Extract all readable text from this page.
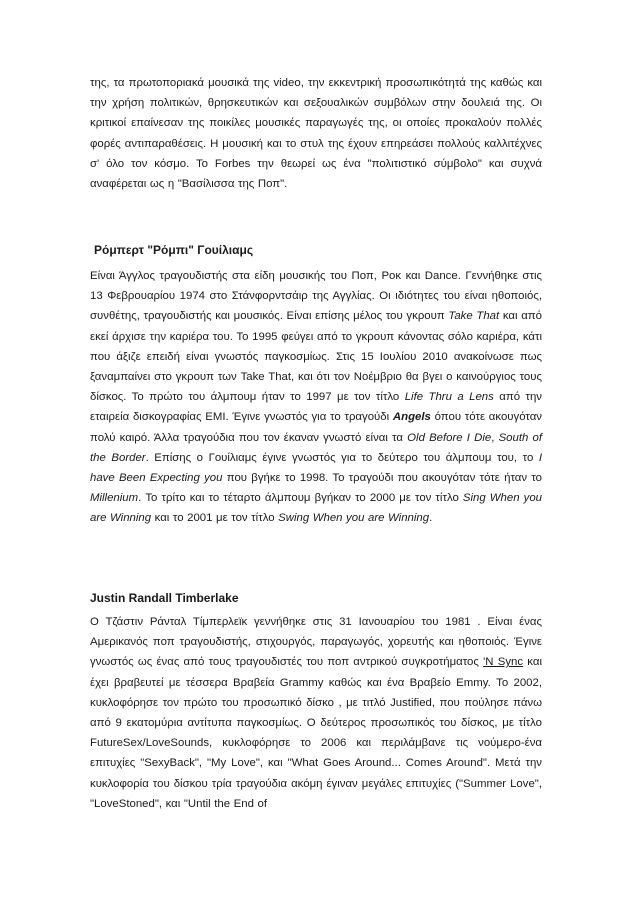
της, τα πρωτοποριακά μουσικά της video, την εκκεντρική προσωπικότητά της καθώς και την χρήση πολιτικών, θρησκευτικών και σεξουαλικών συμβόλων στην δουλειά της. Οι κριτικοί επαίνεσαν της ποικίλες μουσικές παραγωγές της, οι οποίες προκαλούν πολλές φορές αντιπαραθέσεις. Η μουσική και το στυλ της έχουν επηρεάσει πολλούς καλλιτέχνες σ' όλο τον κόσμο. Το Forbes την θεωρεί ως ένα "πολιτιστικό σύμβολο" και συχνά αναφέρεται ως η "Βασίλισσα της Ποπ".

Ρόμπερτ "Ρόμπι" Γουίλιαμς

Είναι Άγγλος τραγουδιστής στα είδη μουσικής του Ποπ, Ροκ και Dance. Γεννήθηκε στις 13 Φεβρουαρίου 1974 στο Στάνφορντσάιρ της Αγγλίας. Οι ιδιότητες του είναι ηθοποιός, συνθέτης, τραγουδιστής και μουσικός. Είναι επίσης μέλος του γκρουπ Take That και από εκεί άρχισε την καριέρα του. Το 1995 φεύγει από το γκρουπ κάνοντας σόλο καριέρα, κάτι που άξιζε επειδή είναι γνωστός παγκοσμίως. Στις 15 Ιουλίου 2010 ανακοίνωσε πως ξαναμπαίνει στο γκρουπ των Take That, και ότι τον Νοέμβριο θα βγει ο καινούργιος τους δίσκος. Το πρώτο του άλμπουμ ήταν το 1997 με τον τίτλο Life Thru a Lens από την εταιρεία δισκογραφίας EMI. Έγινε γνωστός για το τραγούδι Angels όπου τότε ακουγόταν πολύ καιρό. Άλλα τραγούδια που τον έκαναν γνωστό είναι τα Old Before I Die, South of the Border. Επίσης ο Γουίλιαμς έγινε γνωστός για το δεύτερο του άλμπουμ του, το I have Been Expecting you που βγήκε το 1998. Το τραγούδι που ακουγόταν τότε ήταν το Millenium. Το τρίτο και το τέταρτο άλμπουμ βγήκαν το 2000 με τον τίτλο Sing When you are Winning και το 2001 με τον τίτλο Swing When you are Winning.

Justin Randall Timberlake

Ο Τζάστιν Ράνταλ Τίμπερλεϊκ γεννήθηκε στις 31 Ιανουαρίου του 1981 . Είναι ένας Αμερικανός ποπ τραγουδιστής, στιχουργός, παραγωγός, χορευτής και ηθοποιός. Έγινε γνωστός ως ένας από τους τραγουδιστές του ποπ αντρικού συγκροτήματος 'N Sync και έχει βραβευτεί με τέσσερα Βραβεία Grammy καθώς και ένα Βραβείο Emmy. Το 2002, κυκλοφόρησε τον πρώτο του προσωπικό δίσκο , με τιτλό Justified, που πούλησε πάνω από 9 εκατομύρια αντίτυπα παγκοσμίως. Ο δεύτερος προσωπικός του δίσκος, με τίτλο FutureSex/LoveSounds, κυκλοφόρησε το 2006 και περιλάμβανε τις νούμερο-ένα επιτυχίες "SexyBack", "My Love", και "What Goes Around... Comes Around". Μετά την κυκλοφορία του δίσκου τρία τραγούδια ακόμη έγιναν μεγάλες επιτυχίες ("Summer Love", "LoveStoned", και "Until the End of
